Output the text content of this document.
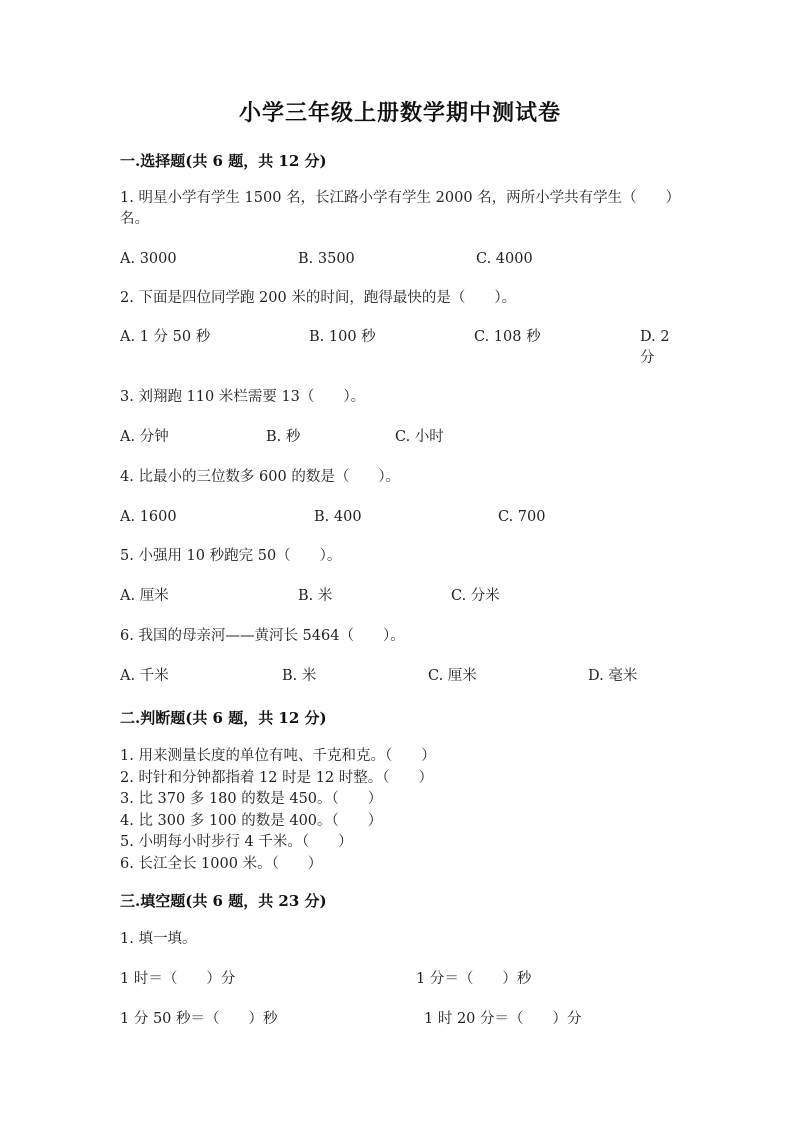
小学三年级上册数学期中测试卷
一.选择题(共 6 题，共 12 分)
1. 明星小学有学生 1500 名，长江路小学有学生 2000 名，两所小学共有学生（　　）名。
A. 3000	B. 3500	C. 4000
2. 下面是四位同学跑 200 米的时间，跑得最快的是（　　）。
A. 1 分 50 秒	B. 100 秒	C. 108 秒	D. 2 分
3. 刘翔跑 110 米栏需要 13（　　）。
A. 分钟	B. 秒	C. 小时
4. 比最小的三位数多 600 的数是（　　）。
A. 1600	B. 400	C. 700
5. 小强用 10 秒跑完 50（　　）。
A. 厘米	B. 米	C. 分米
6. 我国的母亲河——黄河长 5464（　　）。
A. 千米	B. 米	C. 厘米	D. 毫米
二.判断题(共 6 题，共 12 分)
1. 用来测量长度的单位有吨、千克和克。（　　）
2. 时针和分钟都指着 12 时是 12 时整。（　　）
3. 比 370 多 180 的数是 450。（　　）
4. 比 300 多 100 的数是 400。（　　）
5. 小明每小时步行 4 千米。（　　）
6. 长江全长 1000 米。（　　）
三.填空题(共 6 题，共 23 分)
1. 填一填。
1 时＝（　　）分	1 分＝（　　）秒
1 分 50 秒＝（　　）秒	1 时 20 分＝（　　）分
